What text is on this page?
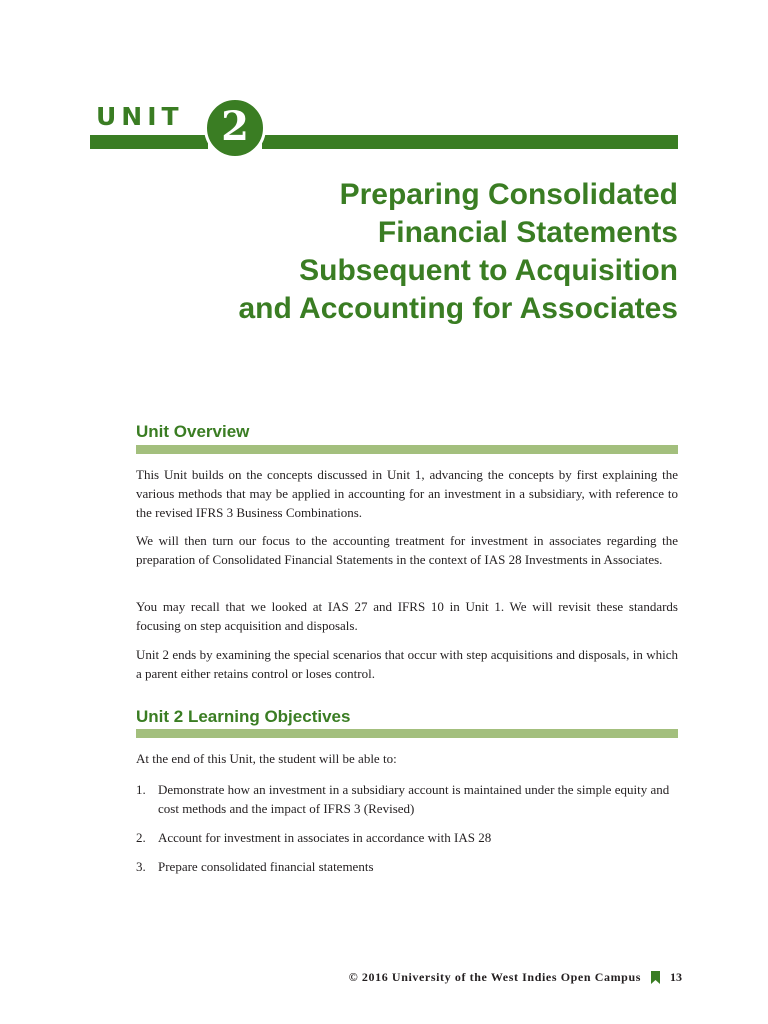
UNIT 2
Preparing Consolidated
Financial Statements
Subsequent to Acquisition
and Accounting for Associates
Unit Overview

This Unit builds on the concepts discussed in Unit 1, advancing the concepts by first explaining the various methods that may be applied in accounting for an investment in a subsidiary, with reference to the revised IFRS 3 Business Combinations.

We will then turn our focus to the accounting treatment for investment in associates regarding the preparation of Consolidated Financial Statements in the context of IAS 28 Investments in Associates.

You may recall that we looked at IAS 27 and IFRS 10 in Unit 1. We will revisit these standards focusing on step acquisition and disposals.

Unit 2 ends by examining the special scenarios that occur with step acquisitions and disposals, in which a parent either retains control or loses control.

Unit 2 Learning Objectives

At the end of this Unit, the student will be able to:

1. Demonstrate how an investment in a subsidiary account is maintained under the simple equity and cost methods and the impact of IFRS 3 (Revised)
2. Account for investment in associates in accordance with IAS 28
3. Prepare consolidated financial statements
© 2016 University of the West Indies Open Campus 13
